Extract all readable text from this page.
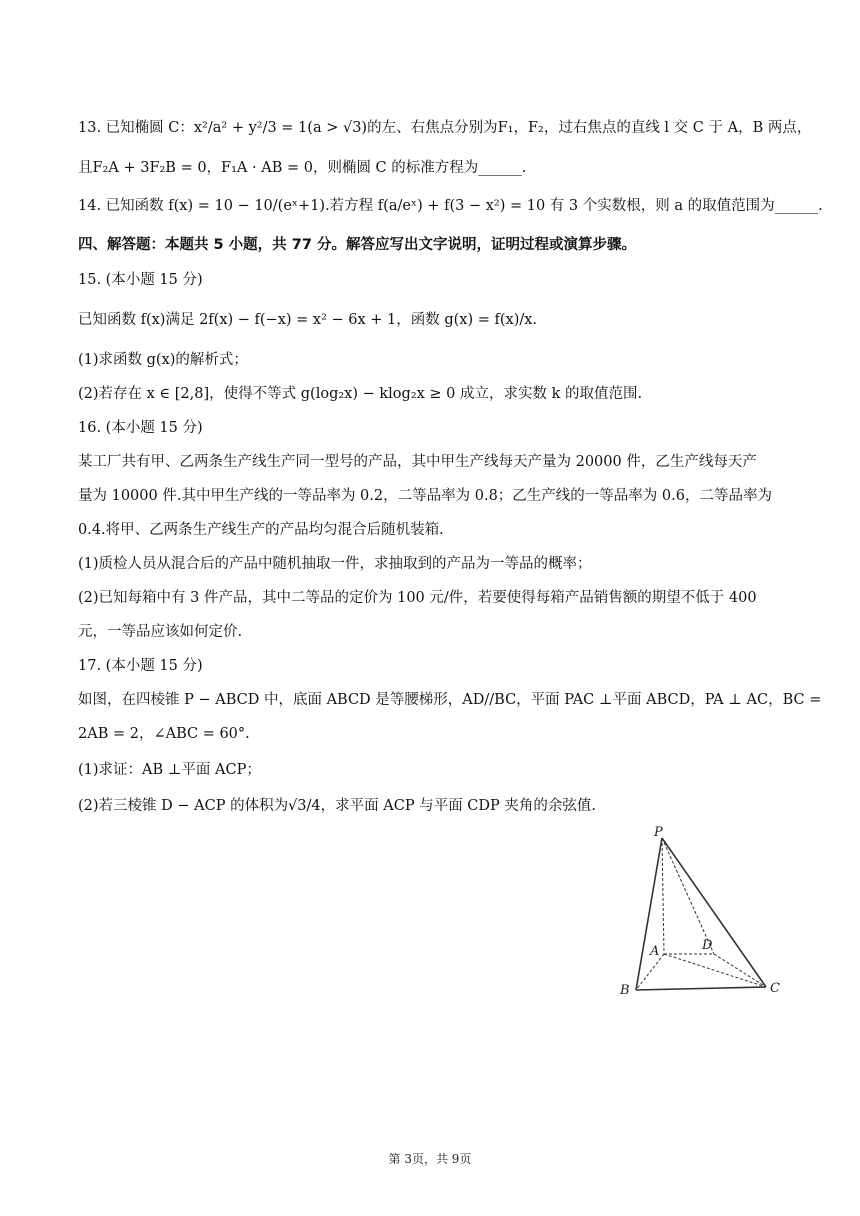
13. 已知椭圆 C：x²/a² + y²/3 = 1(a > √3)的左、右焦点分别为F₁，F₂，过右焦点的直线 l 交 C 于 A，B 两点，
且F₂A + 3F₂B = 0，F₁A · AB = 0，则椭圆 C 的标准方程为______.
14. 已知函数 f(x) = 10 − 10/(eˣ+1).若方程 f(a/eˣ) + f(3 − x²) = 10 有 3 个实数根，则 a 的取值范围为______.
四、解答题：本题共 5 小题，共 77 分。解答应写出文字说明，证明过程或演算步骤。
15. (本小题 15 分)
已知函数 f(x)满足 2f(x) − f(−x) = x² − 6x + 1，函数 g(x) = f(x)/x.
(1)求函数 g(x)的解析式；
(2)若存在 x ∈ [2,8]，使得不等式 g(log₂x) − klog₂x ≥ 0 成立，求实数 k 的取值范围.
16. (本小题 15 分)
某工厂共有甲、乙两条生产线生产同一型号的产品，其中甲生产线每天产量为 20000 件，乙生产线每天产
量为 10000 件.其中甲生产线的一等品率为 0.2，二等品率为 0.8；乙生产线的一等品率为 0.6，二等品率为
0.4.将甲、乙两条生产线生产的产品均匀混合后随机装箱.
(1)质检人员从混合后的产品中随机抽取一件，求抽取到的产品为一等品的概率；
(2)已知每箱中有 3 件产品，其中二等品的定价为 100 元/件，若要使得每箱产品销售额的期望不低于 400
元，一等品应该如何定价.
17. (本小题 15 分)
如图，在四棱锥 P − ABCD 中，底面 ABCD 是等腰梯形，AD//BC，平面 PAC ⊥平面 ABCD，PA ⊥ AC，BC =
2AB = 2，∠ABC = 60°.
(1)求证：AB ⊥平面 ACP；
(2)若三棱锥 D − ACP 的体积为√3/4，求平面 ACP 与平面 CDP 夹角的余弦值.
P
A	D
B	C
第 3页，共 9页
